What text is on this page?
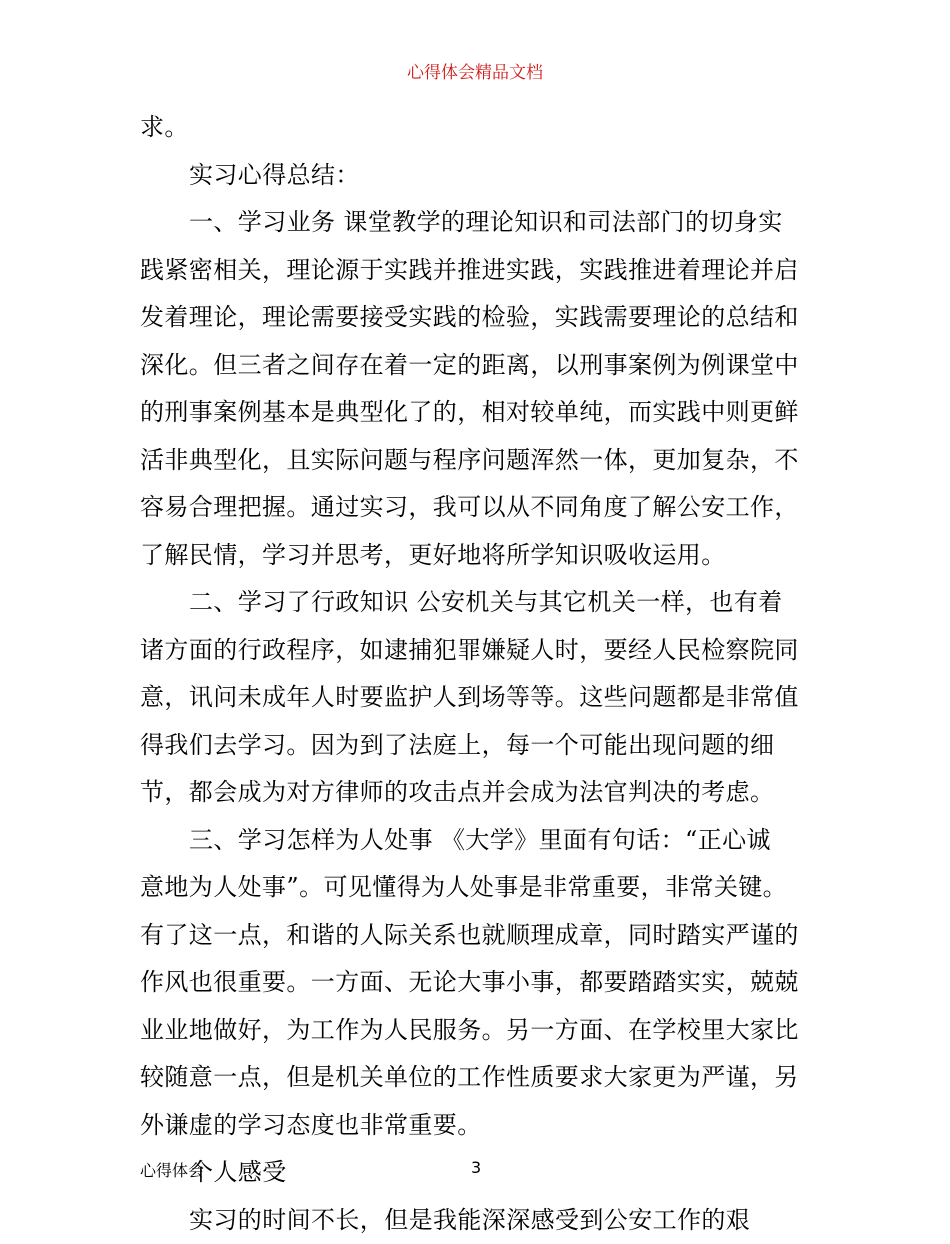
心得体会精品文档
求。
实习心得总结：
一、学习业务 课堂教学的理论知识和司法部门的切身实
践紧密相关，理论源于实践并推进实践，实践推进着理论并启
发着理论，理论需要接受实践的检验，实践需要理论的总结和
深化。但三者之间存在着一定的距离，以刑事案例为例课堂中
的刑事案例基本是典型化了的，相对较单纯，而实践中则更鲜
活非典型化，且实际问题与程序问题浑然一体，更加复杂，不
容易合理把握。通过实习，我可以从不同角度了解公安工作，
了解民情，学习并思考，更好地将所学知识吸收运用。
二、学习了行政知识 公安机关与其它机关一样，也有着
诸方面的行政程序，如逮捕犯罪嫌疑人时，要经人民检察院同
意，讯问未成年人时要监护人到场等等。这些问题都是非常值
得我们去学习。因为到了法庭上，每一个可能出现问题的细
节，都会成为对方律师的攻击点并会成为法官判决的考虑。
三、学习怎样为人处事 《大学》里面有句话：“正心诚
意地为人处事”。可见懂得为人处事是非常重要，非常关键。
有了这一点，和谐的人际关系也就顺理成章，同时踏实严谨的
作风也很重要。一方面、无论大事小事，都要踏踏实实，兢兢
业业地做好，为工作为人民服务。另一方面、在学校里大家比
较随意一点，但是机关单位的工作性质要求大家更为严谨，另
外谦虚的学习态度也非常重要。
个人感受
实习的时间不长，但是我能深深感受到公安工作的艰
心得体会	3
